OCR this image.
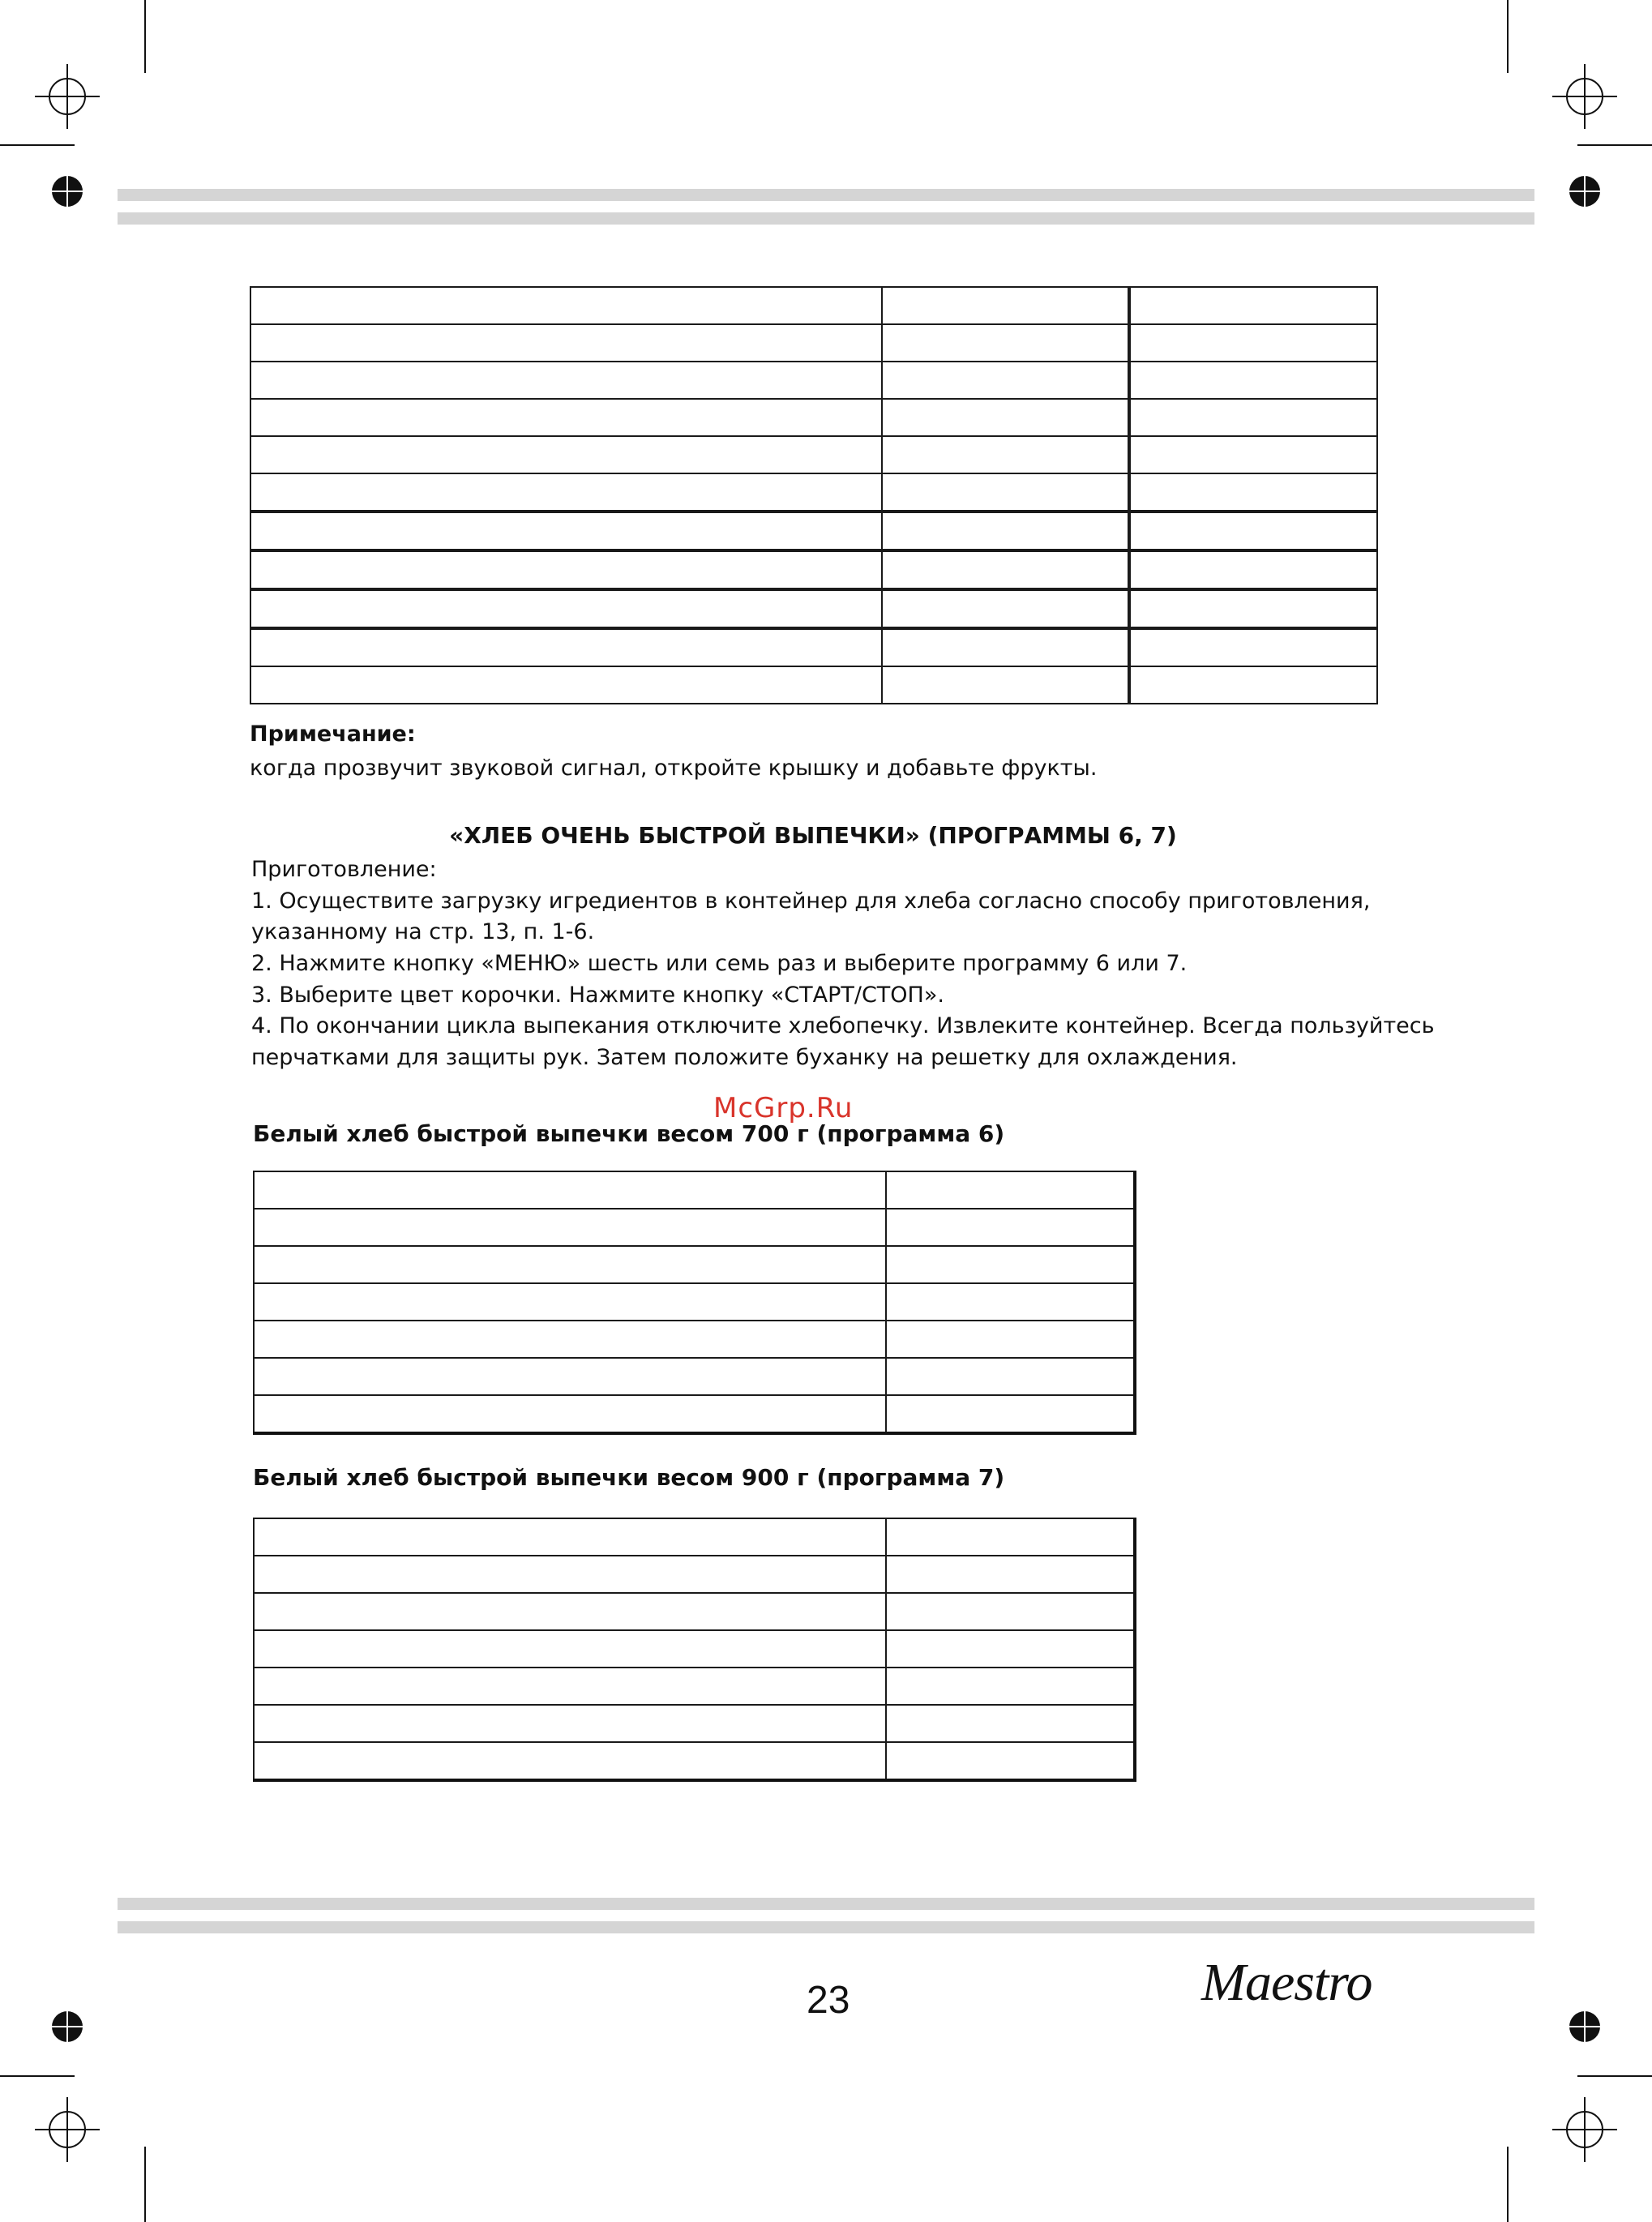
Примечание:
когда прозвучит звуковой сигнал, откройте крышку и добавьте фрукты.
«ХЛЕБ ОЧЕНЬ БЫСТРОЙ ВЫПЕЧКИ» (ПРОГРАММЫ 6, 7)
Приготовление:
1. Осуществите загрузку игредиентов в контейнер для хлеба согласно способу приготовления,
указанному на стр. 13, п. 1-6.
2. Нажмите кнопку «МЕНЮ» шесть или семь раз и выберите программу 6 или 7.
3. Выберите цвет корочки. Нажмите кнопку «СТАРТ/СТОП».
4. По окончании цикла выпекания отключите хлебопечку. Извлеките контейнер. Всегда пользуйтесь
перчатками для защиты рук. Затем положите буханку на решетку для охлаждения.
McGrp.Ru
Белый хлеб быстрой выпечки весом 700 г (программа 6)

Белый хлеб быстрой выпечки весом 900 г (программа 7)

23	Maestro
